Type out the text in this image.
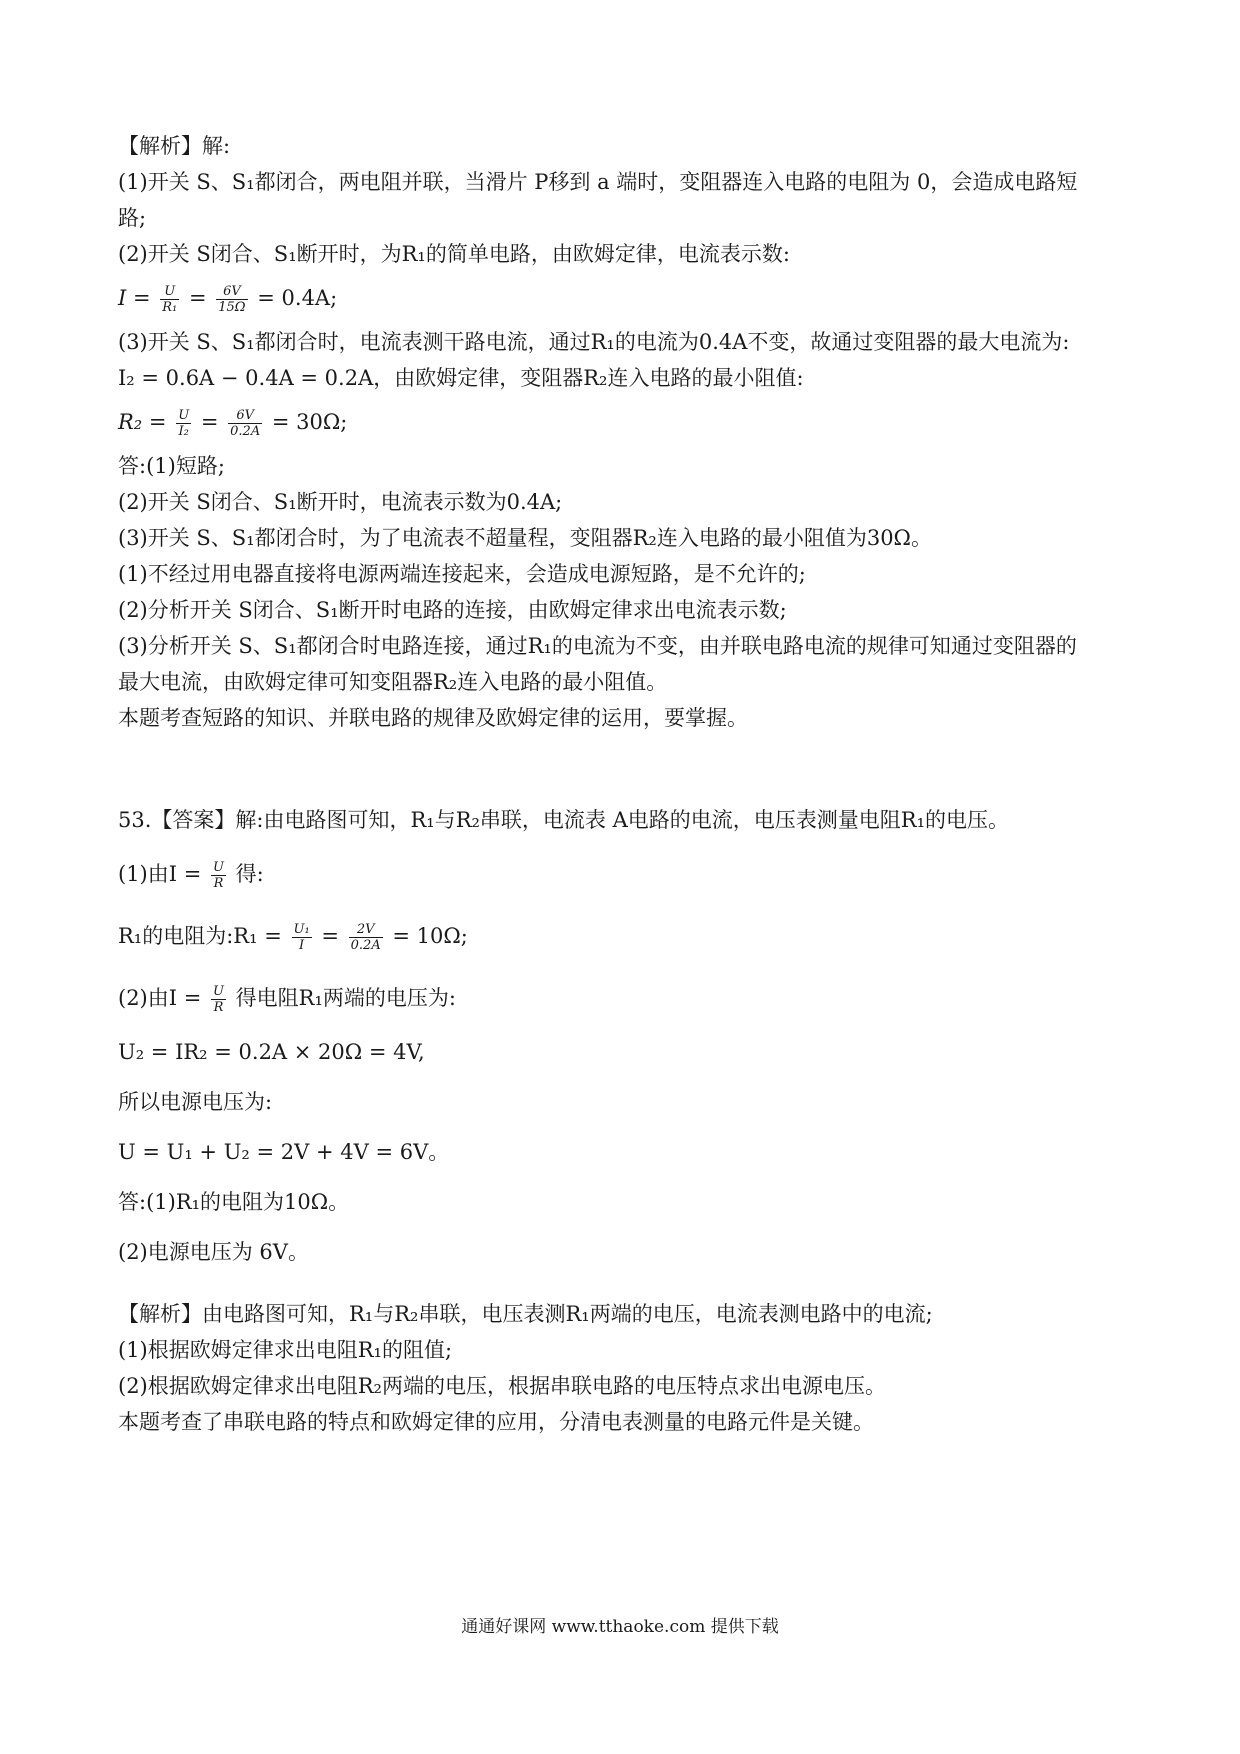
【解析】解:
(1)开关 S、S₁都闭合，两电阻并联，当滑片 P移到 a 端时，变阻器连入电路的电阻为 0，会造成电路短
路;
(2)开关 S闭合、S₁断开时，为R₁的简单电路，由欧姆定律，电流表示数:
$I = \frac{U}{\text{R₁}} = \frac{6V}{15\Omega} = 0.4A$;
(3)开关 S、S₁都闭合时，电流表测干路电流，通过R₁的电流为0.4A不变，故通过变阻器的最大电流为:
I₂ = 0.6A − 0.4A = 0.2A，由欧姆定律，变阻器R₂连入电路的最小阻值:
$R_2 = \frac{U}{\text{I₂}} = \frac{6V}{0.2A} = 30\Omega$;
答:(1)短路;
(2)开关 S闭合、S₁断开时，电流表示数为0.4A;
(3)开关 S、S₁都闭合时，为了电流表不超量程，变阻器R₂连入电路的最小阻值为30Ω。
(1)不经过用电器直接将电源两端连接起来，会造成电源短路，是不允许的;
(2)分析开关 S闭合、S₁断开时电路的连接，由欧姆定律求出电流表示数;
(3)分析开关 S、S₁都闭合时电路连接，通过R₁的电流为不变，由并联电路电流的规律可知通过变阻器的
最大电流，由欧姆定律可知变阻器R₂连入电路的最小阻值。
本题考查短路的知识、并联电路的规律及欧姆定律的运用，要掌握。
53.【答案】解:由电路图可知，R₁与R₂串联，电流表 A电路的电流，电压表测量电阻R₁的电压。
(1)由$I = \frac{U}{R}$ 得:
R₁的电阻为:R₁ = $\frac{\text{U₁}}{I} = \frac{2V}{0.2A} = 10\Omega$;
(2)由$I = \frac{U}{R}$ 得电阻R₁两端的电压为:
U₂ = IR₂ = 0.2A × 20Ω = 4V,
所以电源电压为:
U = U₁ + U₂ = 2V + 4V = 6V。
答:(1)R₁的电阻为10Ω。
(2)电源电压为 6V。
【解析】由电路图可知，R₁与R₂串联，电压表测R₁两端的电压，电流表测电路中的电流;
(1)根据欧姆定律求出电阻R₁的阻值;
(2)根据欧姆定律求出电阻R₂两端的电压，根据串联电路的电压特点求出电源电压。
本题考查了串联电路的特点和欧姆定律的应用，分清电表测量的电路元件是关键。
通通好课网 www.tthaoke.com 提供下载
